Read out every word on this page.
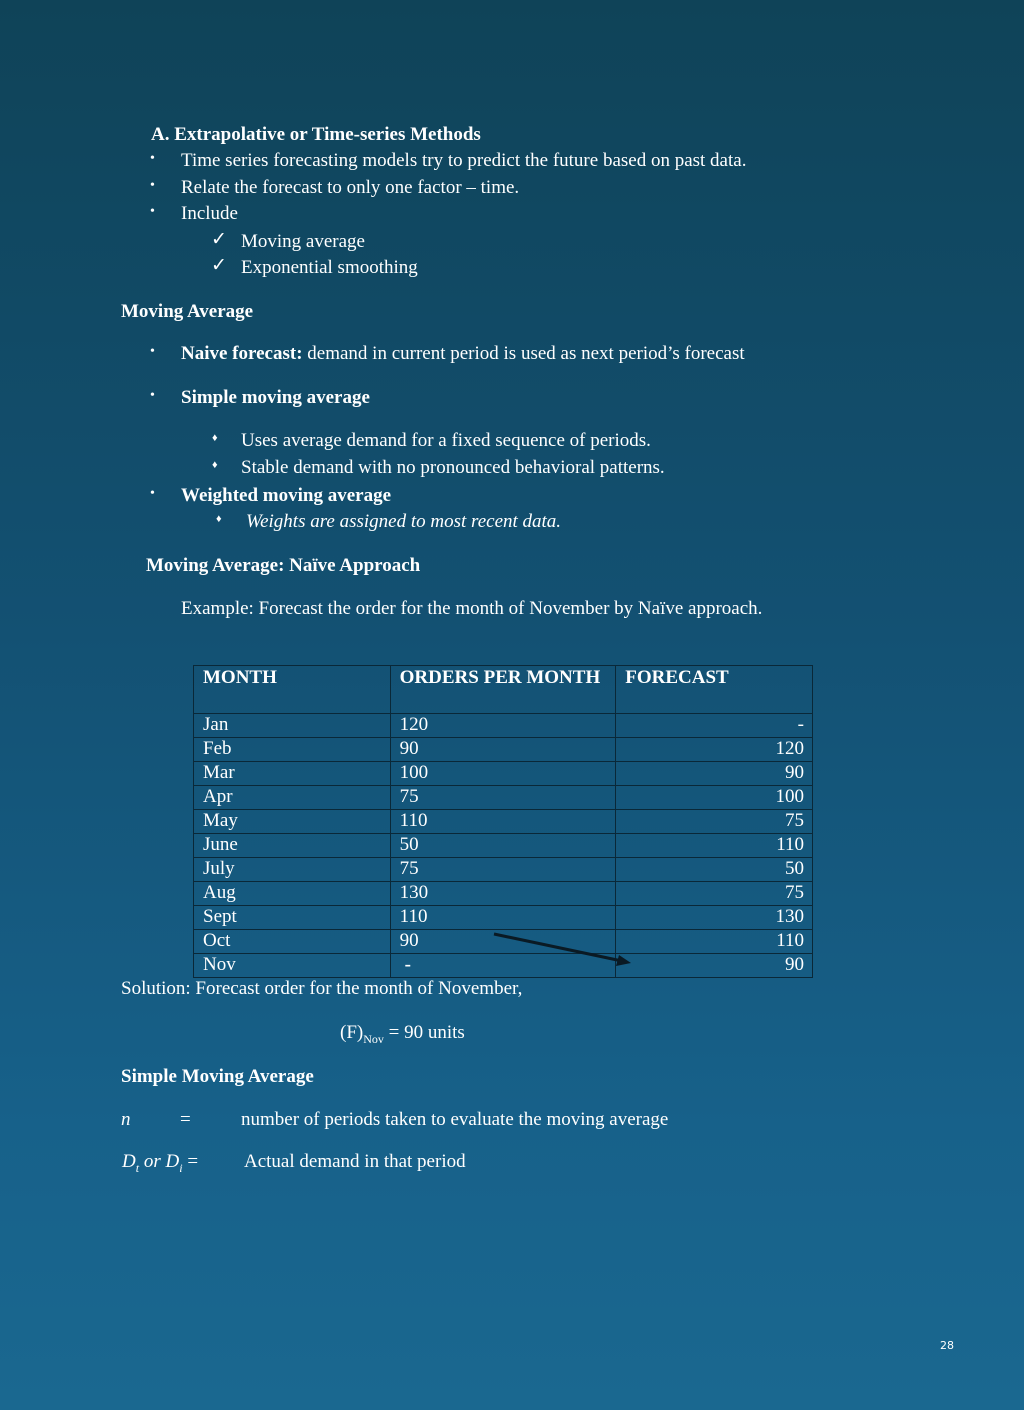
A. Extrapolative or Time-series Methods
• Time series forecasting models try to predict the future based on past data.
• Relate the forecast to only one factor – time.
• Include
✓ Moving average
✓ Exponential smoothing
Moving Average
• Naive forecast: demand in current period is used as next period’s forecast
• Simple moving average
♦ Uses average demand for a fixed sequence of periods.
♦ Stable demand with no pronounced behavioral patterns.
• Weighted moving average
♦ Weights are assigned to most recent data.
Moving Average: Naïve Approach
Example: Forecast the order for the month of November by Naïve approach.
MONTH	ORDERS PER MONTH	FORECAST
Jan	120	-
Feb	90	120
Mar	100	90
Apr	75	100
May	110	75
June	50	110
July	75	50
Aug	130	75
Sept	110	130
Oct	90	110
Nov	-	90
Solution: Forecast order for the month of November,
$(F)_{Nov} = 90$ units
Simple Moving Average
n	=	number of periods taken to evaluate the moving average
$D_t$ or $D_i$ = Actual demand in that period
28
